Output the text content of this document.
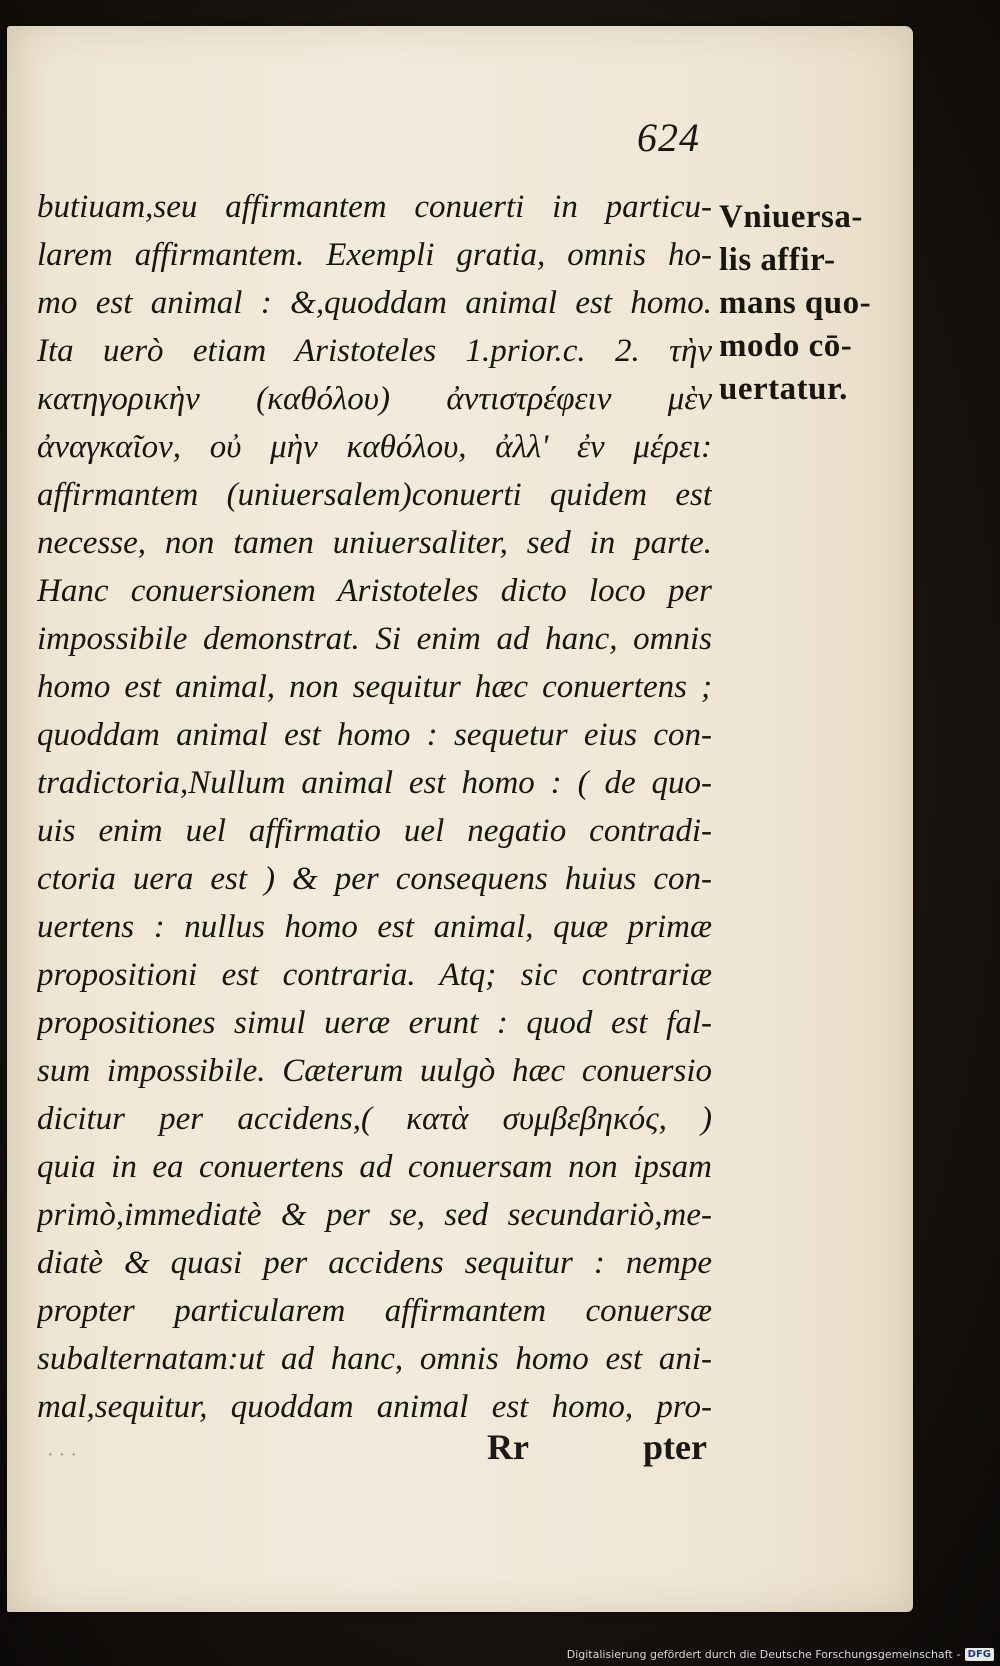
624
butiuam,seu affirmantem conuerti in particu-
larem affirmantem. Exempli gratia, omnis ho-
mo est animal : &,quoddam animal est homo.
Ita uerò etiam Aristoteles 1.prior.c. 2. τὴν
κατηγορικὴν (καθόλου) ἀντιστρέφειν μὲν
ἀναγκαῖον, οὐ μὴν καθόλου, ἀλλ' ἐν μέρει:
affirmantem (uniuersalem)conuerti quidem est
necesse, non tamen uniuersaliter, sed in parte.
Hanc conuersionem Aristoteles dicto loco per
impossibile demonstrat. Si enim ad hanc, omnis
homo est animal, non sequitur hæc conuertens ;
quoddam animal est homo : sequetur eius con-
tradictoria,Nullum animal est homo : ( de quo-
uis enim uel affirmatio uel negatio contradi-
ctoria uera est ) & per consequens huius con-
uertens : nullus homo est animal, quæ primæ
propositioni est contraria. Atq; sic contrariæ
propositiones simul ueræ erunt : quod est fal-
sum impossibile. Cæterum uulgò hæc conuersio
dicitur per accidens,( κατὰ συμβεβηκός, )
quia in ea conuertens ad conuersam non ipsam
primò,immediatè & per se, sed secundariò,me-
diatè & quasi per accidens sequitur : nempe
propter particularem affirmantem conuersæ
subalternatam:ut ad hanc, omnis homo est ani-
mal,sequitur, quoddam animal est homo, pro-
Vniuersa-
lis affir-
mans quo-
modo cō-
uertatur.
· · ·	Rr	pter
Digitalisierung gefördert durch die Deutsche Forschungsgemeinschaft - DFG
